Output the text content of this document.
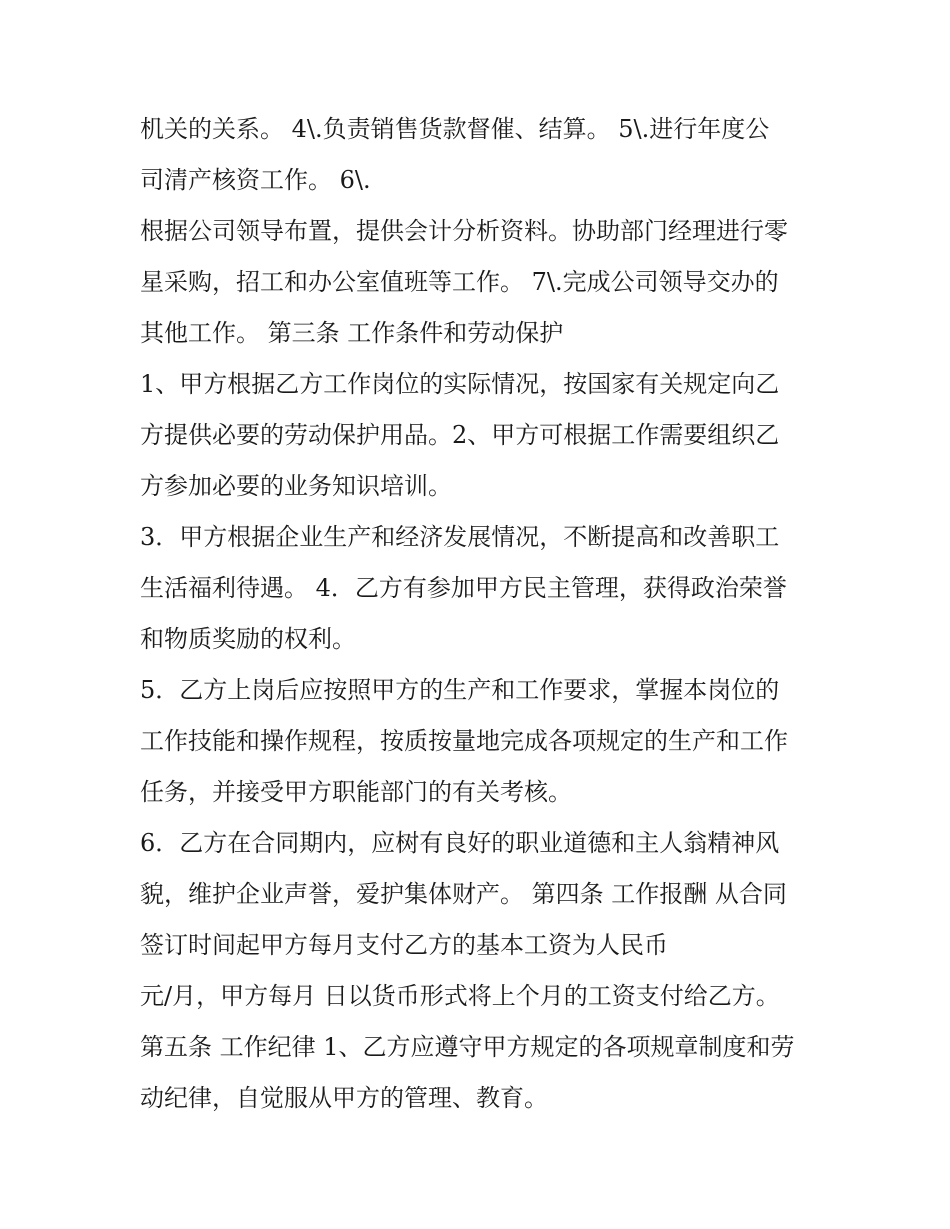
机关的关系。 4\.负责销售货款督催、结算。 5\.进行年度公
司清产核资工作。 6\.
根据公司领导布置，提供会计分析资料。协助部门经理进行零
星采购，招工和办公室值班等工作。 7\.完成公司领导交办的
其他工作。 第三条 工作条件和劳动保护
1、甲方根据乙方工作岗位的实际情况，按国家有关规定向乙
方提供必要的劳动保护用品。2、甲方可根据工作需要组织乙
方参加必要的业务知识培训。
3．甲方根据企业生产和经济发展情况，不断提高和改善职工
生活福利待遇。 4．乙方有参加甲方民主管理，获得政治荣誉
和物质奖励的权利。
5．乙方上岗后应按照甲方的生产和工作要求，掌握本岗位的
工作技能和操作规程，按质按量地完成各项规定的生产和工作
任务，并接受甲方职能部门的有关考核。
6．乙方在合同期内，应树有良好的职业道德和主人翁精神风
貌，维护企业声誉，爱护集体财产。 第四条 工作报酬 从合同
签订时间起甲方每月支付乙方的基本工资为人民币
元/月，甲方每月 日以货币形式将上个月的工资支付给乙方。
第五条 工作纪律 1、乙方应遵守甲方规定的各项规章制度和劳
动纪律，自觉服从甲方的管理、教育。
